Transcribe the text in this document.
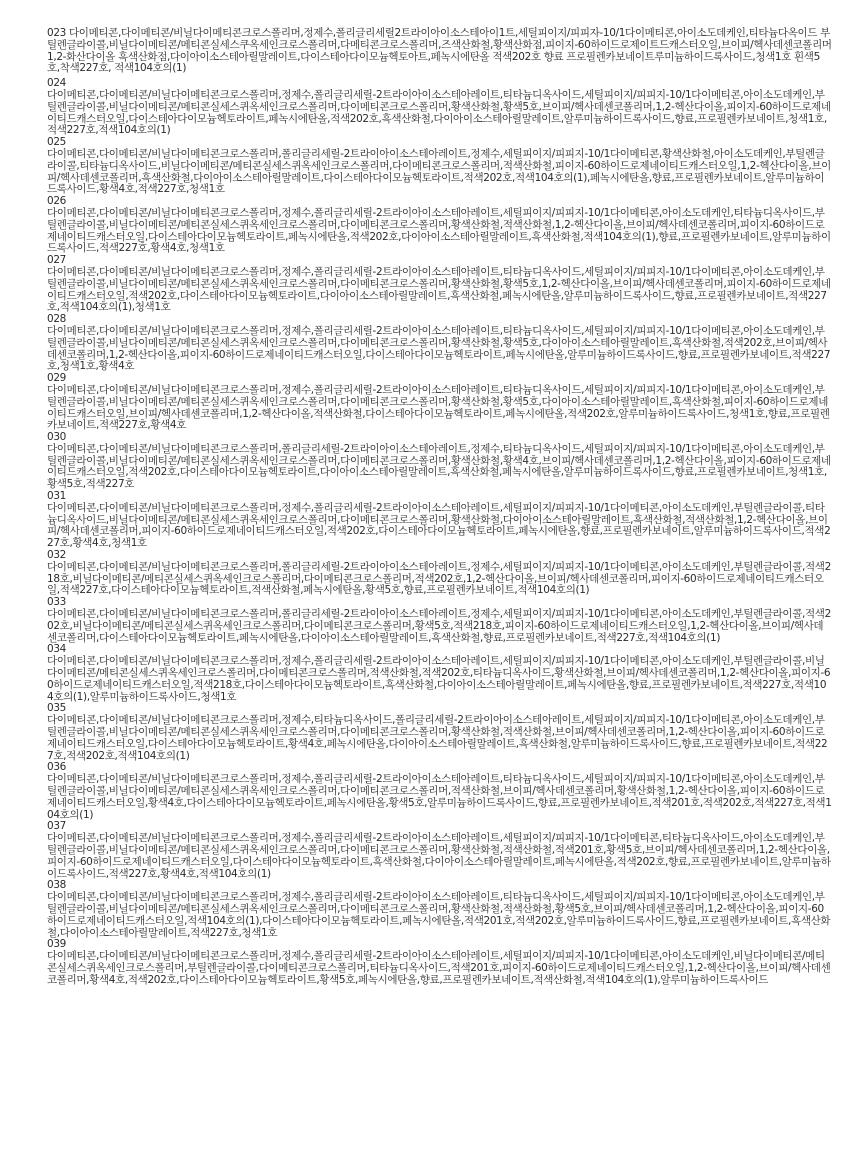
023 다이메티콘,다이메티콘/비닐다이메티콘크로스폴리머,정제수,폴리글리세릴2트라이아이소스테아이1트,세틸피이지/피피자-10/1다이메티콘,아이소도데케인,티타늄다옥이드 부틸렌글라이콜,비닐다이메티콘/메티콘실세스쿠옥세인크로스폴리머,다메티콘크로스폴리머,즈색산화철,황색산화점,피이지-60하이드로제이트드캐스터오일,브이피/헥사데센코폴리머1,2-화산다이올 흑색산화점,다이아이소스테아릴말레이트,다이스테아다이모늄헥토아트,페녹시에탄올 적색202호 향료 프로필렌카보네이트루미늄하이드록사이드,청색1호 흰색5호,착색227호, 적색104호의(1)
024
다이메티콘,다이메티콘/비닐다이메티콘크로스폴리머,정제수,폴리글리세릴-2트라이아이소스테아레이트,티타늄디옥사이드,세틸피이지/피피지-10/1다이메티콘,아이소도데케인,부틸렌글라이콜,비닐다이메티콘/메티콘실세스퀴옥세인크로스폴리머,다이메티콘크로스폴리머,황색산화철,황색5호,브이피/헥사데센코폴리머,1,2-헥산다이올,피이지-60하이드로제네이티드캐스터오일,다이스테아다이모늄헥토라이트,페녹시에탄올,적색202호,흑색산화철,다이아이소스테아릴말레이트,알루미늄하이드록사이드,향료,프로필렌카보네이트,청색1호,적색227호,적색104호의(1)
025
다이메티콘,다이메티콘/비닐다이메티콘크로스폴리머,폴리글리세릴-2트라이아이소스테아레이트,정제수,세틸피이지/피피지-10/1다이메티콘,황색산화철,아이소도데케인,부틸렌글라이콜,티타늄디옥사이드,비닐다이메티콘/메티콘실세스퀴옥세인크로스폴리머,다이메티콘크로스폴리머,적색산화철,피이지-60하이드로제네이티드캐스터오일,1,2-헥산다이올,브이피/헥사데센코폴리머,흑색산화철,다이아이소스테아릴말레이트,다이스테아다이모늄헥토라이트,적색202호,적색104호의(1),페녹시에탄올,향료,프로필렌카보네이트,알루미늄하이드록사이드,황색4호,적색227호,청색1호
026
다이메티콘,다이메티콘/비닐다이메티콘크로스폴리머,정제수,폴리글리세릴-2트라이아이소스테아레이트,세틸피이지/피피지-10/1다이메티콘,아이소도데케인,티타늄디옥사이드,부틸렌글라이콜,비닐다이메티콘/메티콘실세스퀴옥세인크로스폴리머,다이메티콘크로스폴리머,황색산화철,적색산화철,1,2-헥산다이올,브이피/헥사데센코폴리머,피이지-60하이드로제네이티드캐스터오일,다이스테아다이모늄헥토라이트,페녹시에탄올,적색202호,다이아이소스테아릴말레이트,흑색산화철,적색104호의(1),향료,프로필렌카보네이트,알루미늄하이드록사이드,적색227호,황색4호,청색1호
027
다이메티콘,다이메티콘/비닐다이메티콘크로스폴리머,정제수,폴리글리세릴-2트라이아이소스테아레이트,티타늄디옥사이드,세틸피이지/피피지-10/1다이메티콘,아이소도데케인,부틸렌글라이콜,비닐다이메티콘/메티콘실세스퀴옥세인크로스폴리머,다이메티콘크로스폴리머,황색산화철,황색5호,1,2-헥산다이올,브이피/헥사데센코폴리머,피이지-60하이드로제네이티드캐스터오일,적색202호,다이스테아다이모늄헥토라이트,다이아이소스테아릴말레이트,흑색산화철,페녹시에탄올,알루미늄하이드록사이드,향료,프로필렌카보네이트,적색227호,적색104호의(1),청색1호
028
다이메티콘,다이메티콘/비닐다이메티콘크로스폴리머,정제수,폴리글리세릴-2트라이아이소스테아레이트,티타늄디옥사이드,세틸피이지/피피지-10/1다이메티콘,아이소도데케인,부틸렌글라이콜,비닐다이메티콘/메티콘실세스퀴옥세인크로스폴리머,다이메티콘크로스폴리머,황색산화철,황색5호,다이아이소스테아릴말레이트,흑색산화철,적색202호,브이피/헥사데센코폴리머,1,2-헥산다이올,피이지-60하이드로제네이티드캐스터오일,다이스테아다이모늄헥토라이트,페녹시에탄올,알루미늄하이드록사이드,향료,프로필렌카보네이트,적색227호,청색1호,황색4호
029
다이메티콘,다이메티콘/비닐다이메티콘크로스폴리머,정제수,폴리글리세릴-2트라이아이소스테아레이트,티타늄디옥사이드,세틸피이지/피피지-10/1다이메티콘,아이소도데케인,부틸렌글라이콜,비닐다이메티콘/메티콘실세스퀴옥세인크로스폴리머,다이메티콘크로스폴리머,황색산화철,황색5호,다이아이소스테아릴말레이트,흑색산화철,피이지-60하이드로제네이티드캐스터오일,브이피/헥사데센코폴리머,1,2-헥산다이올,적색산화철,다이스테아다이모늄헥토라이트,페녹시에탄올,적색202호,알루미늄하이드록사이드,청색1호,향료,프로필렌카보네이트,적색227호,황색4호
030
다이메티콘,다이메티콘/비닐다이메티콘크로스폴리머,폴리글리세릴-2트라이아이소스테아레이트,정제수,티타늄디옥사이드,세틸피이지/피피지-10/1다이메티콘,아이소도데케인,부틸렌글라이콜,비닐다이메티콘/메티콘실세스퀴옥세인크로스폴리머,다이메티콘크로스폴리머,황색산화철,황색4호,브이피/헥사데센코폴리머,1,2-헥산다이올,피이지-60하이드로제네이티드캐스터오일,적색202호,다이스테아다이모늄헥토라이트,다이아이소스테아릴말레이트,흑색산화철,페녹시에탄올,알루미늄하이드록사이드,향료,프로필렌카보네이트,청색1호,황색5호,적색227호
031
다이메티콘,다이메티콘/비닐다이메티콘크로스폴리머,정제수,폴리글리세릴-2트라이아이소스테아레이트,세틸피이지/피피지-10/1다이메티콘,아이소도데케인,부틸렌글라이콜,티타늄디옥사이드,비닐다이메티콘/메티콘실세스퀴옥세인크로스폴리머,다이메티콘크로스폴리머,황색산화철,다이아이소스테아릴말레이트,흑색산화철,적색산화철,1,2-헥산다이올,브이피/헥사데센코폴리머,피이지-60하이드로제네이티드캐스터오일,적색202호,다이스테아다이모늄헥토라이트,페녹시에탄올,향료,프로필렌카보네이트,알루미늄하이드록사이드,적색227호,황색4호,청색1호
032
다이메티콘,다이메티콘/비닐다이메티콘크로스폴리머,폴리글리세릴-2트라이아이소스테아레이트,정제수,세틸피이지/피피지-10/1다이메티콘,아이소도데케인,부틸렌글라이콜,적색218호,비닐다이메티콘/메티콘실세스퀴옥세인크로스폴리머,다이메티콘크로스폴리머,적색202호,1,2-헥산다이올,브이피/헥사데센코폴리머,피이지-60하이드로제네이티드캐스터오일,적색227호,다이스테아다이모늄헥토라이트,적색산화철,페녹시에탄올,황색5호,향료,프로필렌카보네이트,적색104호의(1)
033
다이메티콘,다이메티콘/비닐다이메티콘크로스폴리머,폴리글리세릴-2트라이아이소스테아레이트,정제수,세틸피이지/피피지-10/1다이메티콘,아이소도데케인,부틸렌글라이콜,적색202호,비닐다이메티콘/메티콘실세스퀴옥세인크로스폴리머,다이메티콘크로스폴리머,황색5호,적색218호,피이지-60하이드로제네이티드캐스터오일,1,2-헥산다이올,브이피/헥사데센코폴리머,다이스테아다이모늄헥토라이트,페녹시에탄올,다이아이소스테아릴말레이트,흑색산화철,향료,프로필렌카보네이트,적색227호,적색104호의(1)
034
다이메티콘,다이메티콘/비닐다이메티콘크로스폴리머,정제수,폴리글리세릴-2트라이아이소스테아레이트,세틸피이지/피피지-10/1다이메티콘,아이소도데케인,부틸렌글라이콜,비닐다이메티콘/메티콘실세스퀴옥세인크로스폴리머,다이메티콘크로스폴리머,적색산화철,적색202호,티타늄디옥사이드,황색산화철,브이피/헥사데센코폴리머,1,2-헥산다이올,피이지-60하이드로제네이티드캐스터오일,적색218호,다이스테아다이모늄헥토라이트,흑색산화철,다이아이소스테아릴말레이트,페녹시에탄올,향료,프로필렌카보네이트,적색227호,적색104호의(1),알루미늄하이드록사이드,청색1호
035
다이메티콘,다이메티콘/비닐다이메티콘크로스폴리머,정제수,티타늄디옥사이드,폴리글리세릴-2트라이아이소스테아레이트,세틸피이지/피피지-10/1다이메티콘,아이소도데케인,부틸렌글라이콜,비닐다이메티콘/메티콘실세스퀴옥세인크로스폴리머,다이메티콘크로스폴리머,황색산화철,적색산화철,브이피/헥사데센코폴리머,1,2-헥산다이올,피이지-60하이드로제네이티드캐스터오일,다이스테아다이모늄헥토라이트,황색4호,페녹시에탄올,다이아이소스테아릴말레이트,흑색산화철,알루미늄하이드록사이드,향료,프로필렌카보네이트,적색227호,적색202호,적색104호의(1)
036
다이메티콘,다이메티콘/비닐다이메티콘크로스폴리머,정제수,폴리글리세릴-2트라이아이소스테아레이트,티타늄디옥사이드,세틸피이지/피피지-10/1다이메티콘,아이소도데케인,부틸렌글라이콜,비닐다이메티콘/메티콘실세스퀴옥세인크로스폴리머,다이메티콘크로스폴리머,적색산화철,브이피/헥사데센코폴리머,황색산화철,1,2-헥산다이올,피이지-60하이드로제네이티드캐스터오일,황색4호,다이스테아다이모늄헥토라이트,페녹시에탄올,황색5호,알루미늄하이드록사이드,향료,프로필렌카보네이트,적색201호,적색202호,적색227호,적색104호의(1)
037
다이메티콘,다이메티콘/비닐다이메티콘크로스폴리머,정제수,폴리글리세릴-2트라이아이소스테아레이트,세틸피이지/피피지-10/1다이메티콘,티타늄디옥사이드,아이소도데케인,부틸렌글라이콜,비닐다이메티콘/메티콘실세스퀴옥세인크로스폴리머,다이메티콘크로스폴리머,황색산화철,적색산화철,적색201호,황색5호,브이피/헥사데센코폴리머,1,2-헥산다이올,피이지-60하이드로제네이티드캐스터오일,다이스테아다이모늄헥토라이트,흑색산화철,다이아이소스테아릴말레이트,페녹시에탄올,적색202호,향료,프로필렌카보네이트,알루미늄하이드록사이드,적색227호,황색4호,적색104호의(1)
038
다이메티콘,다이메티콘/비닐다이메티콘크로스폴리머,정제수,폴리글리세릴-2트라이아이소스테아레이트,티타늄디옥사이드,세틸피이지/피피지-10/1다이메티콘,아이소도데케인,부틸렌글라이콜,비닐다이메티콘/메티콘실세스퀴옥세인크로스폴리머,다이메티콘크로스폴리머,황색산화철,적색산화철,황색5호,브이피/헥사데센코폴리머,1,2-헥산다이올,피이지-60하이드로제네이티드캐스터오일,적색104호의(1),다이스테아다이모늄헥토라이트,페녹시에탄올,적색201호,적색202호,알루미늄하이드록사이드,향료,프로필렌카보네이트,흑색산화철,다이아이소스테아릴말레이트,적색227호,청색1호
039
다이메티콘,다이메티콘/비닐다이메티콘크로스폴리머,정제수,폴리글리세릴-2트라이아이소스테아레이트,세틸피이지/피피지-10/1다이메티콘,아이소도데케인,비닐다이메티콘/메티콘실세스퀴옥세인크로스폴리머,부틸렌글라이콜,다이메티콘크로스폴리머,티타늄디옥사이드,적색201호,피이지-60하이드로제네이티드캐스터오일,1,2-헥산다이올,브이피/헥사데센코폴리머,황색4호,적색202호,다이스테아다이모늄헥토라이트,황색5호,페녹시에탄올,향료,프로필렌카보네이트,적색산화철,적색104호의(1),알루미늄하이드록사이드
